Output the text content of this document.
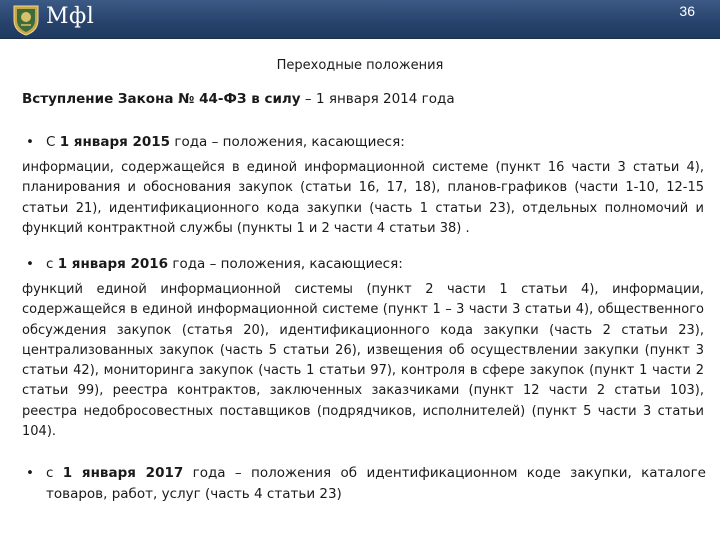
Мфl	36
Переходные положения
Вступление Закона № 44-ФЗ в силу – 1 января 2014 года
• С 1 января 2015 года – положения, касающиеся:
информации, содержащейся в единой информационной системе (пункт 16 части 3 статьи 4), планирования и обоснования закупок (статьи 16, 17, 18), планов-графиков (части 1-10, 12-15 статьи 21), идентификационного кода закупки (часть 1 статьи 23), отдельных полномочий и функций контрактной службы (пункты 1 и 2 части 4 статьи 38) .
• с 1 января 2016 года – положения, касающиеся:
функций единой информационной системы (пункт 2 части 1 статьи 4), информации, содержащейся в единой информационной системе (пункт 1 – 3 части 3 статьи 4), общественного обсуждения закупок (статья 20), идентификационного кода закупки (часть 2 статьи 23), централизованных закупок (часть 5 статьи 26), извещения об осуществлении закупки (пункт 3 статьи 42), мониторинга закупок (часть 1 статьи 97), контроля в сфере закупок (пункт 1 части 2 статьи 99), реестра контрактов, заключенных заказчиками (пункт 12 части 2 статьи 103), реестра недобросовестных поставщиков (подрядчиков, исполнителей) (пункт 5 части 3 статьи 104).
• с 1 января 2017 года – положения об идентификационном коде закупки, каталоге товаров, работ, услуг (часть 4 статьи 23)
